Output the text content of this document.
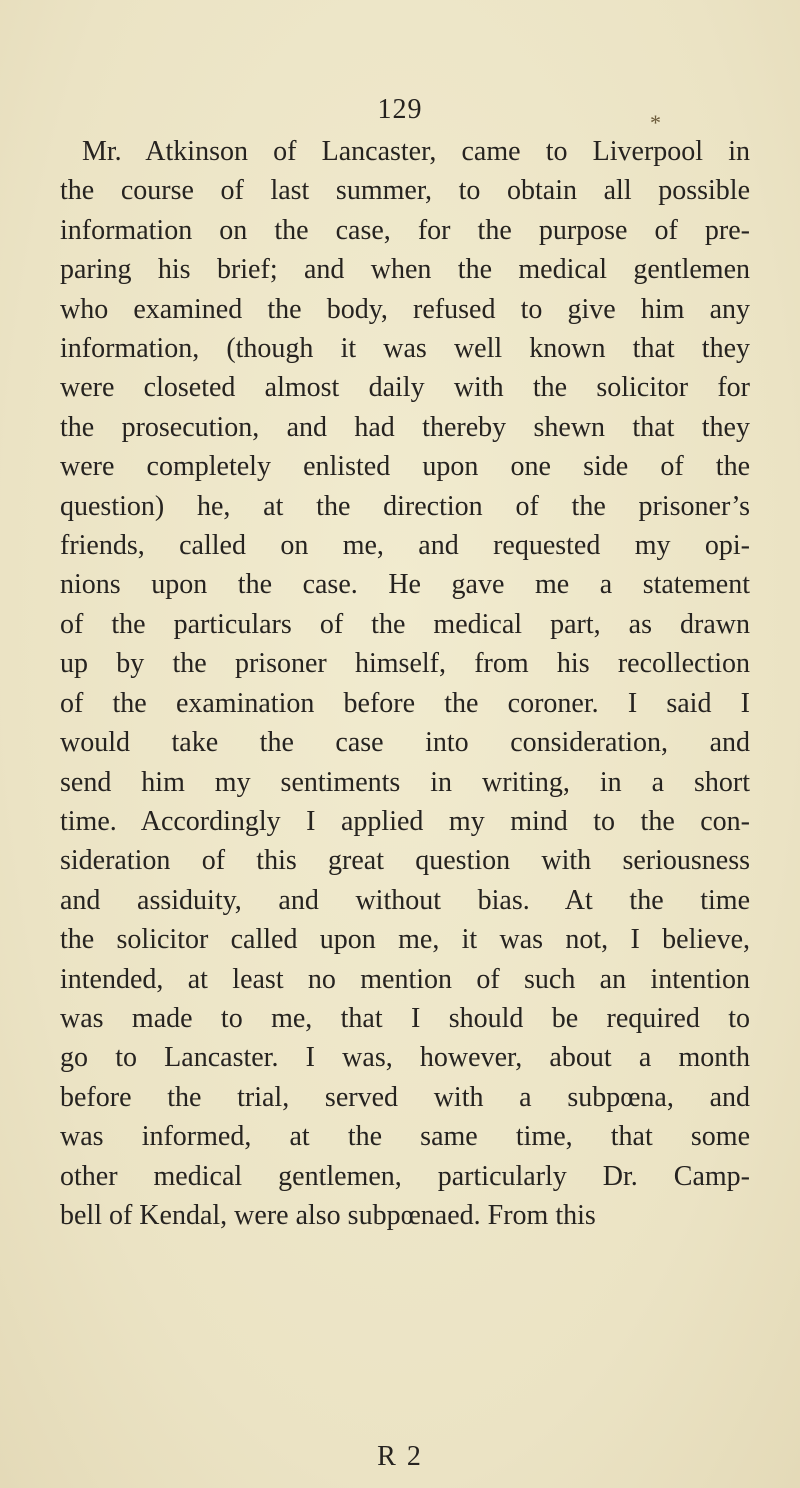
129	*
Mr. Atkinson of Lancaster, came to Liverpool in
the course of last summer, to obtain all possible
information on the case, for the purpose of pre-
paring his brief; and when the medical gentlemen
who examined the body, refused to give him any
information, (though it was well known that they
were closeted almost daily with the solicitor for
the prosecution, and had thereby shewn that they
were completely enlisted upon one side of the
question) he, at the direction of the prisoner’s
friends, called on me, and requested my opi-
nions upon the case. He gave me a statement
of the particulars of the medical part, as drawn
up by the prisoner himself, from his recollection
of the examination before the coroner. I said I
would take the case into consideration, and
send him my sentiments in writing, in a short
time. Accordingly I applied my mind to the con-
sideration of this great question with seriousness
and assiduity, and without bias. At the time
the solicitor called upon me, it was not, I believe,
intended, at least no mention of such an intention
was made to me, that I should be required to
go to Lancaster. I was, however, about a month
before the trial, served with a subpœna, and
was informed, at the same time, that some
other medical gentlemen, particularly Dr. Camp-
bell of Kendal, were also subpœnaed. From this
R 2
